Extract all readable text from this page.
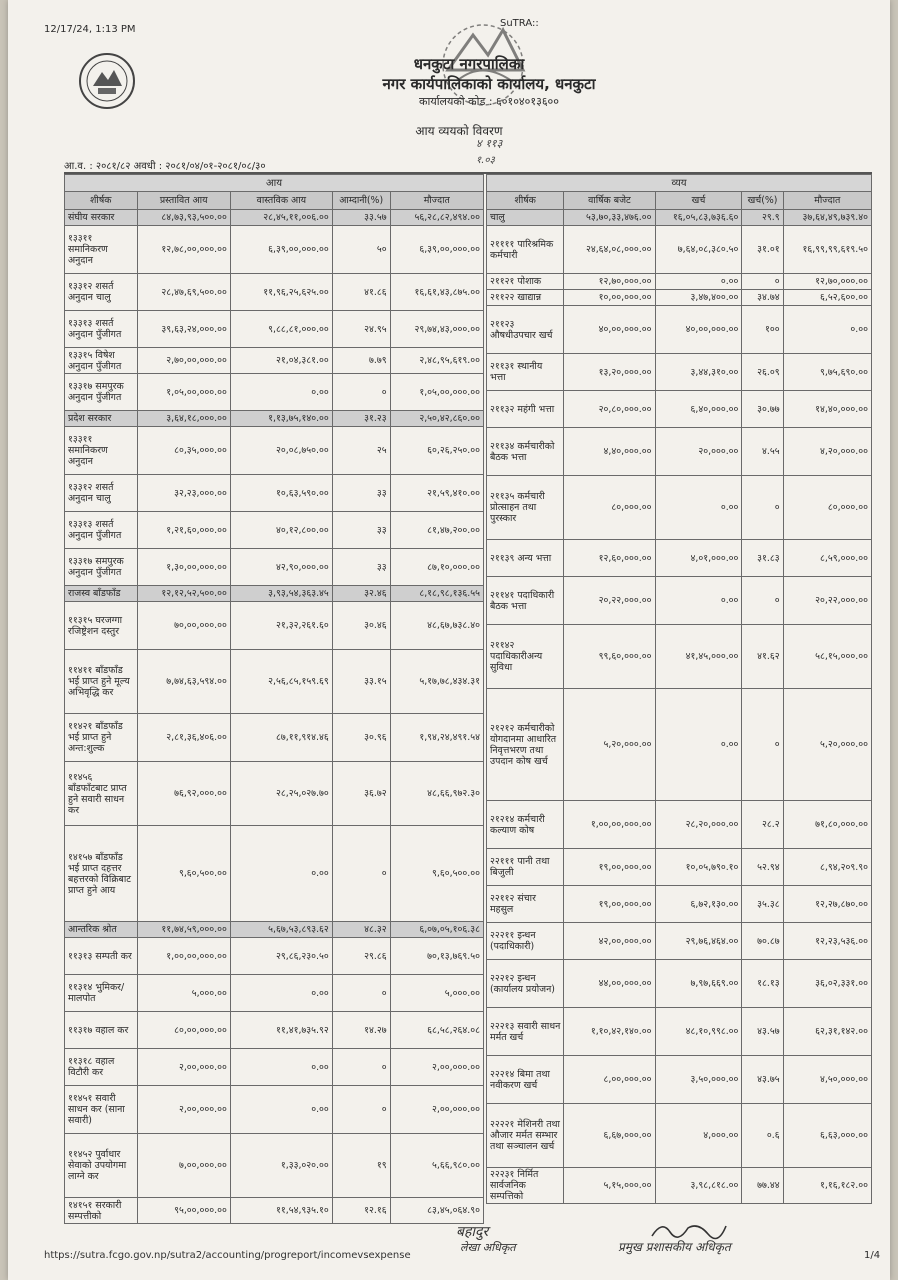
12/17/24, 1:13 PM
SuTRA::
धनकुटा नगरपालिका
नगर कार्यपालिकाको कार्यालय, धनकुटा
कार्यालयको कोड : ६०१०४०१३६००
आय व्ययको विवरण
४ ११३
१.०३
आ.व. : २०८१/८२ अवधी : २०८१/०४/०१-२०८१/०८/३०
आय				
शीर्षक	प्रस्तावित आय	वास्तविक आय	आम्दानी(%)	मौज्दात
संघीय सरकार	८४,७३,९३,५००.००	२८,४५,११,००६.००	३३.५७	५६,२८,८२,४९४.००
१३३११ समानिकरण अनुदान	१२,७८,००,०००.००	६,३९,००,०००.००	५०	६,३९,००,०००.००
१३३१२ शसर्त अनुदान चालु	२८,४७,६९,५००.००	११,९६,२५,६२५.००	४१.८६	१६,६१,४३,८७५.००
१३३१३ शसर्त अनुदान पुँजीगत	३९,६३,२४,०००.००	९,८८,८१,०००.००	२४.९५	२९,७४,४३,०००.००
१३३१५ विषेश अनुदान पुँजीगत	२,७०,००,०००.००	२१,०४,३८१.००	७.७९	२,४८,९५,६१९.००
१३३१७ समपुरक अनुदान पुँजीगत	१,०५,००,०००.००	०.००	०	१,०५,००,०००.००
प्रदेश सरकार	३,६४,१८,०००.००	१,१३,७५,१४०.००	३१.२३	२,५०,४२,८६०.००
१३३११ समानिकरण अनुदान	८०,३५,०००.००	२०,०८,७५०.००	२५	६०,२६,२५०.००
१३३१२ शसर्त अनुदान चालु	३२,२३,०००.००	१०,६३,५९०.००	३३	२१,५९,४१०.००
१३३१३ शसर्त अनुदान पुँजीगत	१,२१,६०,०००.००	४०,१२,८००.००	३३	८१,४७,२००.००
१३३१७ समपुरक अनुदान पुँजीगत	१,३०,००,०००.००	४२,९०,०००.००	३३	८७,१०,०००.००
राजस्व बाँडफाँड	१२,१२,५२,५००.००	३,९३,५४,३६३.४५	३२.४६	८,१८,९८,१३६.५५
११३१५ घरजग्गा रजिष्ट्रेशन दस्तुर	७०,००,०००.००	२१,३२,२६१.६०	३०.४६	४८,६७,७३८.४०
११४११ बाँडफाँड भई प्राप्त हुने मूल्य अभिवृद्धि कर	७,७४,६३,५९४.००	२,५६,८५,१५९.६९	३३.१५	५,१७,७८,४३४.३१
११४२१ बाँडफाँड भई प्राप्त हुने अन्त:शुल्क	२,८१,३६,४०६.००	८७,११,९१४.४६	३०.९६	१,९४,२४,४९१.५४
११४५६ बाँडफाँटबाट प्राप्त हुने सवारी साधन कर	७६,९२,०००.००	२८,२५,०२७.७०	३६.७२	४८,६६,९७२.३०
१४१५७ बाँडफाँड भई प्राप्त दहत्तर बहत्तरको विक्रिबाट प्राप्त हुने आय	९,६०,५००.००	०.००	०	९,६०,५००.००
आन्तरिक श्रोत	११,७४,५९,०००.००	५,६७,५३,८९३.६२	४८.३२	६,०७,०५,१०६.३८
११३१३ सम्पती कर	१,००,००,०००.००	२९,८६,२३०.५०	२९.८६	७०,१३,७६९.५०
११३१४ भुमिकर/ मालपोत	५,०००.००	०.००	०	५,०००.००
११३१७ वहाल कर	८०,००,०००.००	११,४१,७३५.९२	१४.२७	६८,५८,२६४.०८
११३१८ वहाल विटौरी कर	२,००,०००.००	०.००	०	२,००,०००.००
११४५१ सवारी साधन कर (साना सवारी)	२,००,०००.००	०.००	०	२,००,०००.००
११४५२ पुर्वाधार सेवाको उपयोगमा लाग्ने कर	७,००,०००.००	१,३३,०२०.००	१९	५,६६,९८०.००
१४१५१ सरकारी सम्पत्तीको	९५,००,०००.००	११,५४,९३५.१०	१२.१६	८३,४५,०६४.९०
व्यय				
शीर्षक	वार्षिक बजेट	खर्च	खर्च(%)	मौज्दात
चालु	५३,७०,३३,४७६.००	१६,०५,८३,७३६.६०	२९.९	३७,६४,४९,७३९.४०
२११११ पारिश्रमिक कर्मचारी	२४,६४,०८,०००.००	७,६४,०८,३८०.५०	३१.०१	१६,९९,९९,६१९.५०
२११२१ पोशाक	१२,७०,०००.००	०.००	०	१२,७०,०००.००
२११२२ खाद्यान्न	१०,००,०००.००	३,४७,४००.००	३४.७४	६,५२,६००.००
२११२३ औषधीउपचार खर्च	४०,००,०००.००	४०,००,०००.००	१००	०.००
२११३१ स्थानीय भत्ता	१३,२०,०००.००	३,४४,३१०.००	२६.०९	९,७५,६९०.००
२११३२ महंगी भत्ता	२०,८०,०००.००	६,४०,०००.००	३०.७७	१४,४०,०००.००
२११३४ कर्मचारीको बैठक भत्ता	४,४०,०००.००	२०,०००.००	४.५५	४,२०,०००.००
२११३५ कर्मचारी प्रोत्साहन तथा पुरस्कार	८०,०००.००	०.००	०	८०,०००.००
२११३९ अन्य भत्ता	१२,६०,०००.००	४,०१,०००.००	३१.८३	८,५९,०००.००
२११४१ पदाधिकारी बैठक भत्ता	२०,२२,०००.००	०.००	०	२०,२२,०००.००
२११४२ पदाधिकारीअन्य सुविधा	९९,६०,०००.००	४१,४५,०००.००	४१.६२	५८,१५,०००.००
२१२१२ कर्मचारीको योगदानमा आधारित निवृत्तभरण तथा उपदान कोष खर्च	५,२०,०००.००	०.००	०	५,२०,०००.००
२१२१४ कर्मचारी कल्याण कोष	१,००,००,०००.००	२८,२०,०००.००	२८.२	७१,८०,०००.००
२२१११ पानी तथा बिजुली	१९,००,०००.००	१०,०५,७९०.१०	५२.९४	८,९४,२०९.९०
२२११२ संचार महसुल	१९,००,०००.००	६,७२,१३०.००	३५.३८	१२,२७,८७०.००
२२२११ इन्धन (पदाधिकारी)	४२,००,०००.००	२९,७६,४६४.००	७०.८७	१२,२३,५३६.००
२२२१२ इन्धन (कार्यालय प्रयोजन)	४४,००,०००.००	७,९७,६६९.००	१८.१३	३६,०२,३३१.००
२२२१३ सवारी साधन मर्मत खर्च	१,१०,४२,१४०.००	४८,१०,९९८.००	४३.५७	६२,३१,१४२.००
२२२१४ बिमा तथा नवीकरण खर्च	८,००,०००.००	३,५०,०००.००	४३.७५	४,५०,०००.००
२२२२१ मेशिनरी तथा औजार मर्मत सम्भार तथा सञ्चालन खर्च	६,६७,०००.००	४,०००.००	०.६	६,६३,०००.००
२२२३१ निर्मित सार्वजनिक सम्पत्तिको	५,१५,०००.००	३,९८,८१८.००	७७.४४	१,१६,१८२.००
बहादुर
लेखा अधिकृत	प्रमुख प्रशासकीय अधिकृत
https://sutra.fcgo.gov.np/sutra2/accounting/progreport/incomevsexpense	1/4
